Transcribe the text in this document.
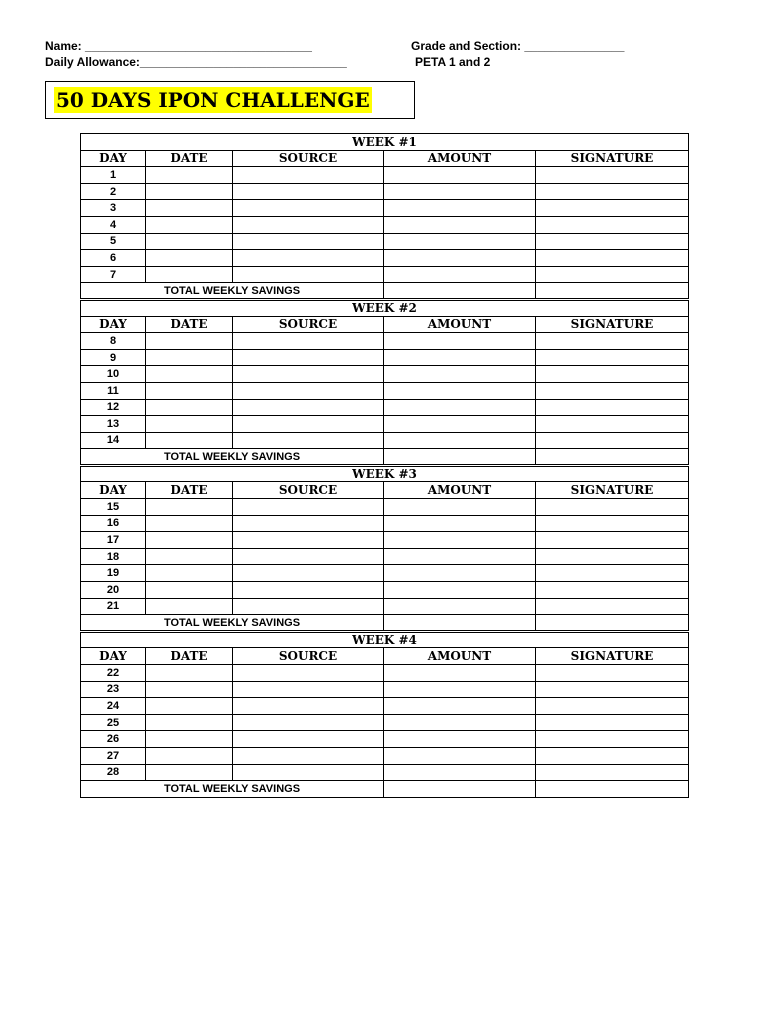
Name: __________________________________	Grade and Section: _______________
Daily Allowance:_______________________________	PETA 1 and 2
50 DAYS IPON CHALLENGE
WEEK #1				
DAY	DATE	SOURCE	AMOUNT	SIGNATURE
1				
2				
3				
4				
5				
6				
7				
TOTAL WEEKLY SAVINGS				
WEEK #2				
DAY	DATE	SOURCE	AMOUNT	SIGNATURE
8				
9				
10				
11				
12				
13				
14				
TOTAL WEEKLY SAVINGS				
WEEK #3				
DAY	DATE	SOURCE	AMOUNT	SIGNATURE
15				
16				
17				
18				
19				
20				
21				
TOTAL WEEKLY SAVINGS				
WEEK #4				
DAY	DATE	SOURCE	AMOUNT	SIGNATURE
22				
23				
24				
25				
26				
27				
28				
TOTAL WEEKLY SAVINGS				
